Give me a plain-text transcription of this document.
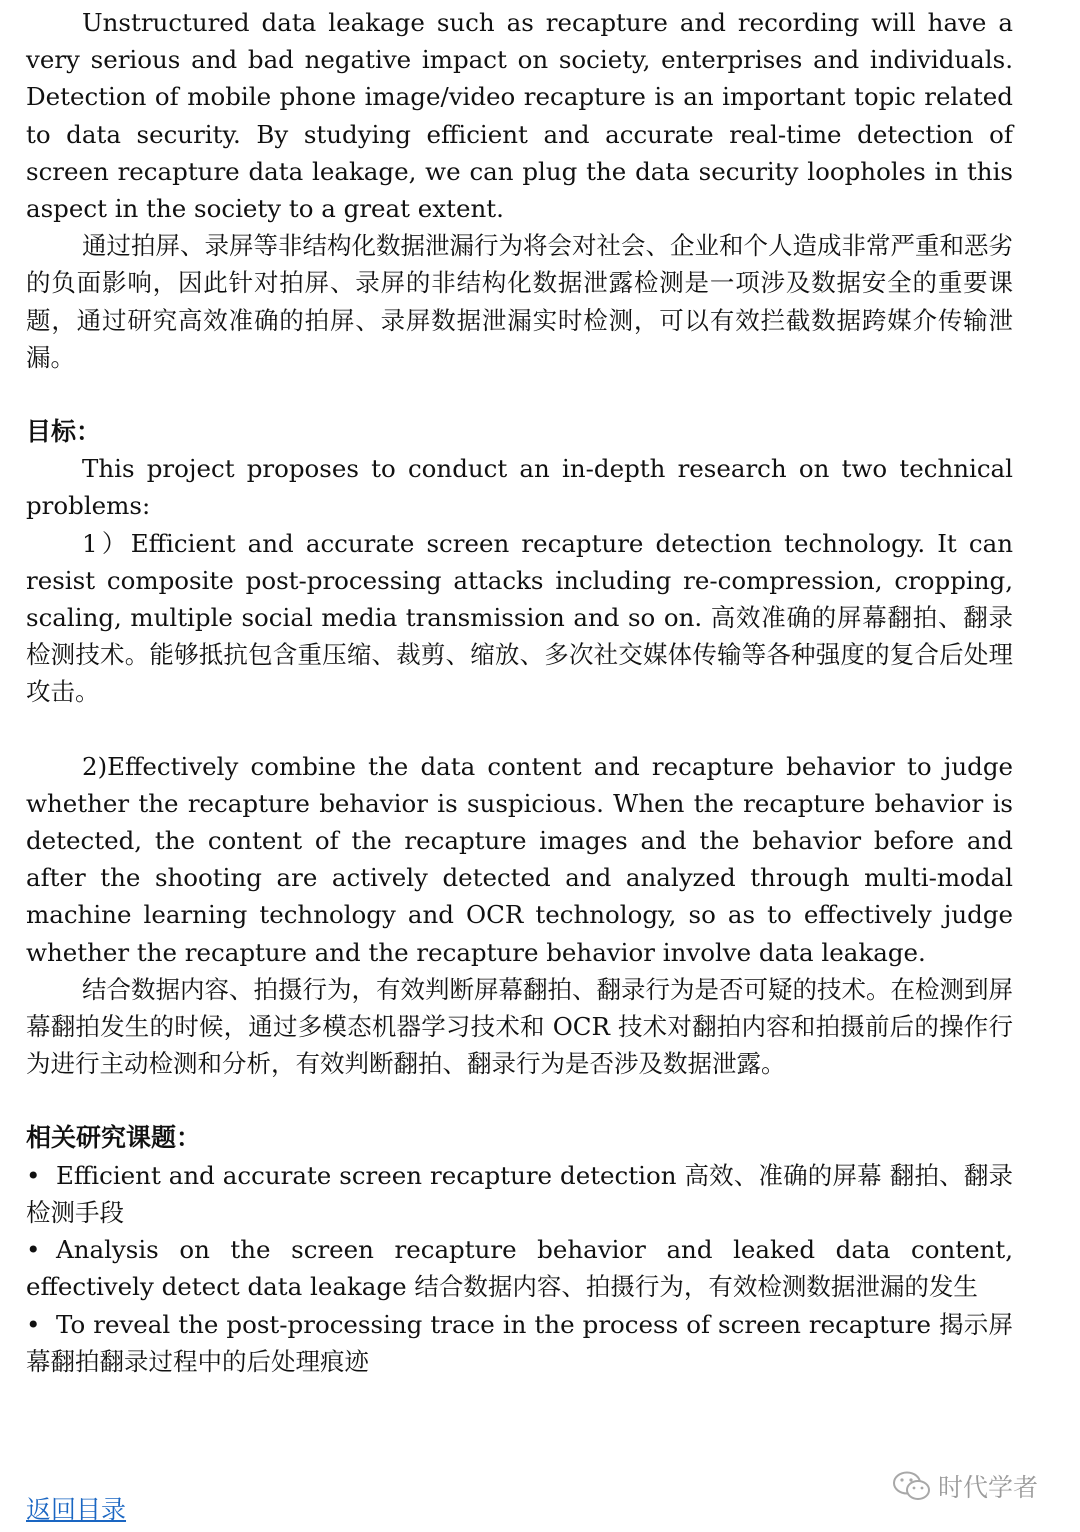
Unstructured data leakage such as recapture and recording will have a very serious and bad negative impact on society, enterprises and individuals. Detection of mobile phone image/video recapture is an important topic related to data security. By studying efficient and accurate real-time detection of screen recapture data leakage, we can plug the data security loopholes in this aspect in the society to a great extent.

通过拍屏、录屏等非结构化数据泄漏行为将会对社会、企业和个人造成非常严重和恶劣的负面影响，因此针对拍屏、录屏的非结构化数据泄露检测是一项涉及数据安全的重要课题，通过研究高效准确的拍屏、录屏数据泄漏实时检测，可以有效拦截数据跨媒介传输泄漏。

目标：

This project proposes to conduct an in-depth research on two technical problems:

1）Efficient and accurate screen recapture detection technology. It can resist composite post-processing attacks including re-compression, cropping, scaling, multiple social media transmission and so on. 高效准确的屏幕翻拍、翻录检测技术。能够抵抗包含重压缩、裁剪、缩放、多次社交媒体传输等各种强度的复合后处理攻击。

2)Effectively combine the data content and recapture behavior to judge whether the recapture behavior is suspicious. When the recapture behavior is detected, the content of the recapture images and the behavior before and after the shooting are actively detected and analyzed through multi-modal machine learning technology and OCR technology, so as to effectively judge whether the recapture and the recapture behavior involve data leakage.

结合数据内容、拍摄行为，有效判断屏幕翻拍、翻录行为是否可疑的技术。在检测到屏幕翻拍发生的时候，通过多模态机器学习技术和 OCR 技术对翻拍内容和拍摄前后的操作行为进行主动检测和分析，有效判断翻拍、翻录行为是否涉及数据泄露。

相关研究课题：

• Efficient and accurate screen recapture detection 高效、准确的屏幕 翻拍、翻录检测手段

• Analysis on the screen recapture behavior and leaked data content, effectively detect data leakage 结合数据内容、拍摄行为，有效检测数据泄漏的发生

• To reveal the post-processing trace in the process of screen recapture 揭示屏幕翻拍翻录过程中的后处理痕迹

时代学者
返回目录
